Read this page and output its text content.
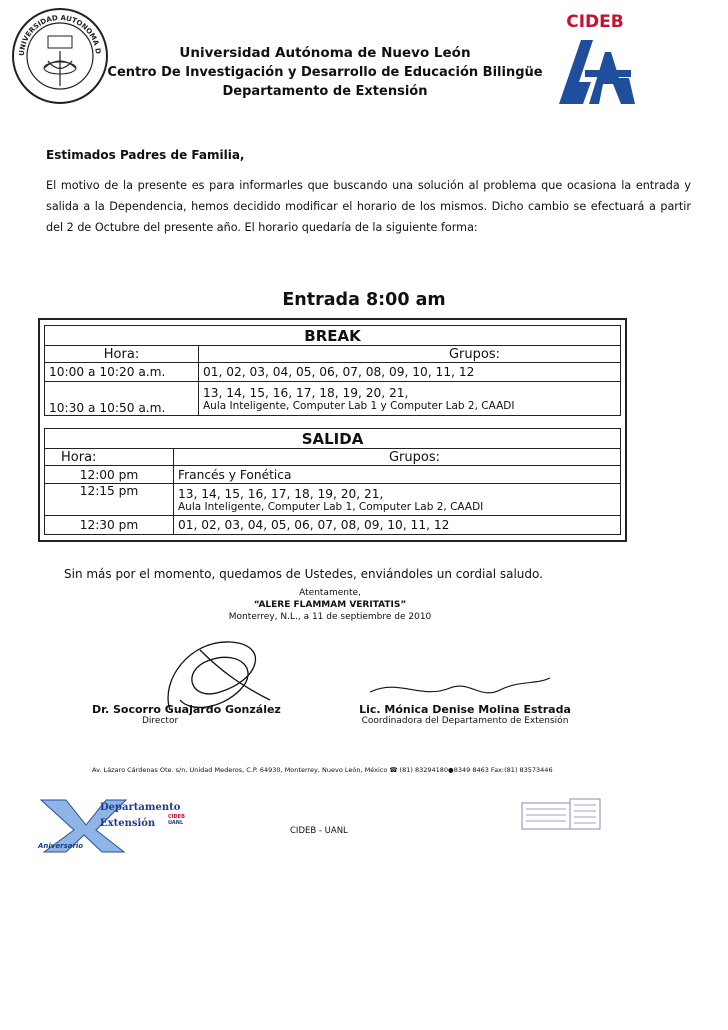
UNIVERSIDAD AUTONOMA D
CIDEB
Universidad Autónoma de Nuevo León
Centro De Investigación y Desarrollo de Educación Bilingüe
Departamento de Extensión
Estimados Padres de Familia,
El motivo de la presente es para informarles que buscando una solución al problema que ocasiona la entrada y salida a la Dependencia, hemos decidido modificar el horario de los mismos. Dicho cambio se efectuará a partir del 2 de Octubre del presente año. El horario quedaría de la siguiente forma:
Entrada 8:00 am
BREAK	
Hora:	Grupos:
10:00 a 10:20 a.m.	01, 02, 03, 04, 05, 06, 07, 08, 09, 10, 11, 12
10:30 a 10:50 a.m.	13, 14, 15, 16, 17, 18, 19, 20, 21,
Aula Inteligente, Computer Lab 1 y Computer Lab 2, CAADI
SALIDA	
Hora:	Grupos:
12:00 pm	Francés y Fonética
12:15 pm	13, 14, 15, 16, 17, 18, 19, 20, 21,
Aula Inteligente, Computer Lab 1, Computer Lab 2, CAADI

12:30 pm	01, 02, 03, 04, 05, 06, 07, 08, 09, 10, 11, 12
Sin más por el momento, quedamos de Ustedes, enviándoles un cordial saludo.
Atentamente,
“ALERE FLAMMAM VERITATIS”
Monterrey, N.L., a 11 de septiembre de 2010
Dr. Socorro Guajardo González
Director
Lic. Mónica Denise Molina Estrada
Coordinadora del Departamento de Extensión
Av. Lázaro Cárdenas Ote. s/n, Unidad Mederos, C.P. 64930, Monterrey, Nuevo León, México ☎ (81) 83294180●8349 8463 Fax:(81) 83573446
Departamento
Extensión
CIDEB
UANL
Aniversario
CIDEB - UANL
